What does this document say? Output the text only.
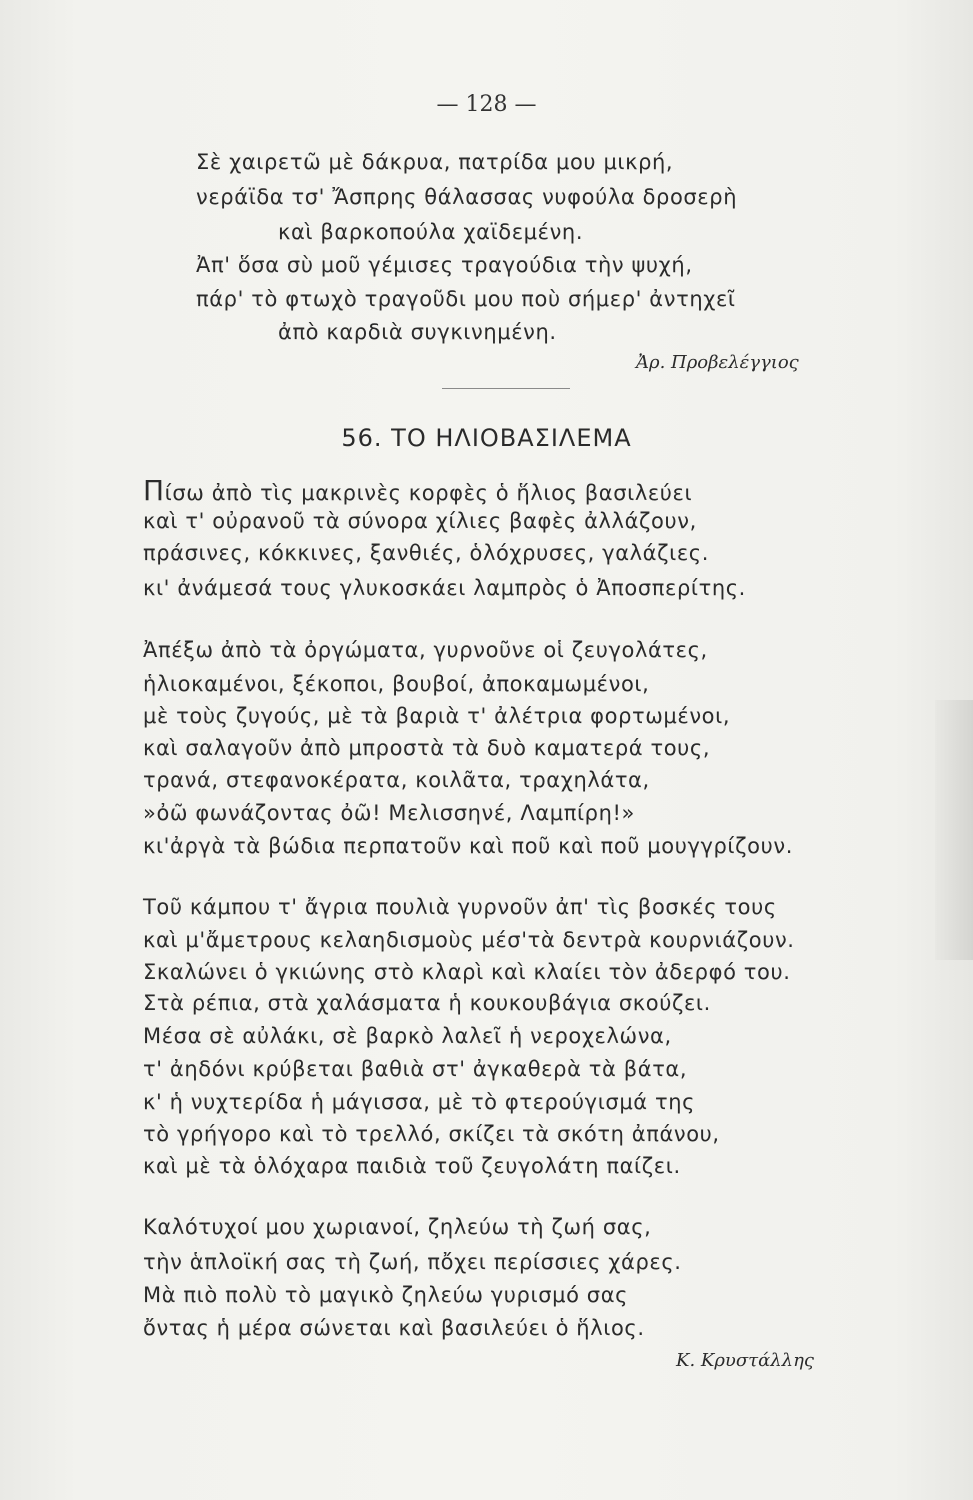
— 128 —
Σὲ χαιρετῶ μὲ δάκρυα, πατρίδα μου μικρή,
νεράϊδα τσ' Ἄσπρης θάλασσας νυφούλα δροσερὴ
καὶ βαρκοπούλα χαϊδεμένη.
Ἀπ' ὅσα σὺ μοῦ γέμισες τραγούδια τὴν ψυχή,
πάρ' τὸ φτωχὸ τραγοῦδι μου ποὺ σήμερ' ἀντηχεῖ
ἀπὸ καρδιὰ συγκινημένη.
Ἀρ. Προβελέγγιος
56. ΤΟ ΗΛΙΟΒΑΣΙΛΕΜΑ
Πίσω ἀπὸ τὶς μακρινὲς κορφὲς ὁ ἥλιος βασιλεύει
καὶ τ' οὐρανοῦ τὰ σύνορα χίλιες βαφὲς ἀλλάζουν,
πράσινες, κόκκινες, ξανθιές, ὁλόχρυσες, γαλάζιες.
κι' ἀνάμεσά τους γλυκοσκάει λαμπρὸς ὁ Ἀποσπερίτης.
Ἀπέξω ἀπὸ τὰ ὀργώματα, γυρνοῦνε οἱ ζευγολάτες,
ἡλιοκαμένοι, ξέκοποι, βουβοί, ἀποκαμωμένοι,
μὲ τοὺς ζυγούς, μὲ τὰ βαριὰ τ' ἀλέτρια φορτωμένοι,
καὶ σαλαγοῦν ἀπὸ μπροστὰ τὰ δυὸ καματερά τους,
τρανά, στεφανοκέρατα, κοιλᾶτα, τραχηλάτα,
»ὀῶ φωνάζοντας ὀῶ! Μελισσηνέ, Λαμπίρη!»
κι'ἀργὰ τὰ βώδια περπατοῦν καὶ ποῦ καὶ ποῦ μουγγρίζουν.
Τοῦ κάμπου τ' ἄγρια πουλιὰ γυρνοῦν ἀπ' τὶς βοσκές τους
καὶ μ'ἄμετρους κελαηδισμοὺς μέσ'τὰ δεντρὰ κουρνιάζουν.
Σκαλώνει ὁ γκιώνης στὸ κλαρὶ καὶ κλαίει τὸν ἀδερφό του.
Στὰ ρέπια, στὰ χαλάσματα ἡ κουκουβάγια σκούζει.
Μέσα σὲ αὐλάκι, σὲ βαρκὸ λαλεῖ ἡ νεροχελώνα,
τ' ἀηδόνι κρύβεται βαθιὰ στ' ἀγκαθερὰ τὰ βάτα,
κ' ἡ νυχτερίδα ἡ μάγισσα, μὲ τὸ φτερούγισμά της
τὸ γρήγορο καὶ τὸ τρελλό, σκίζει τὰ σκότη ἀπάνου,
καὶ μὲ τὰ ὁλόχαρα παιδιὰ τοῦ ζευγολάτη παίζει.
Καλότυχοί μου χωριανοί, ζηλεύω τὴ ζωή σας,
τὴν ἁπλοϊκή σας τὴ ζωή, πὄχει περίσσιες χάρες.
Μὰ πιὸ πολὺ τὸ μαγικὸ ζηλεύω γυρισμό σας
ὄντας ἡ μέρα σώνεται καὶ βασιλεύει ὁ ἥλιος.
Κ. Κρυστάλλης
